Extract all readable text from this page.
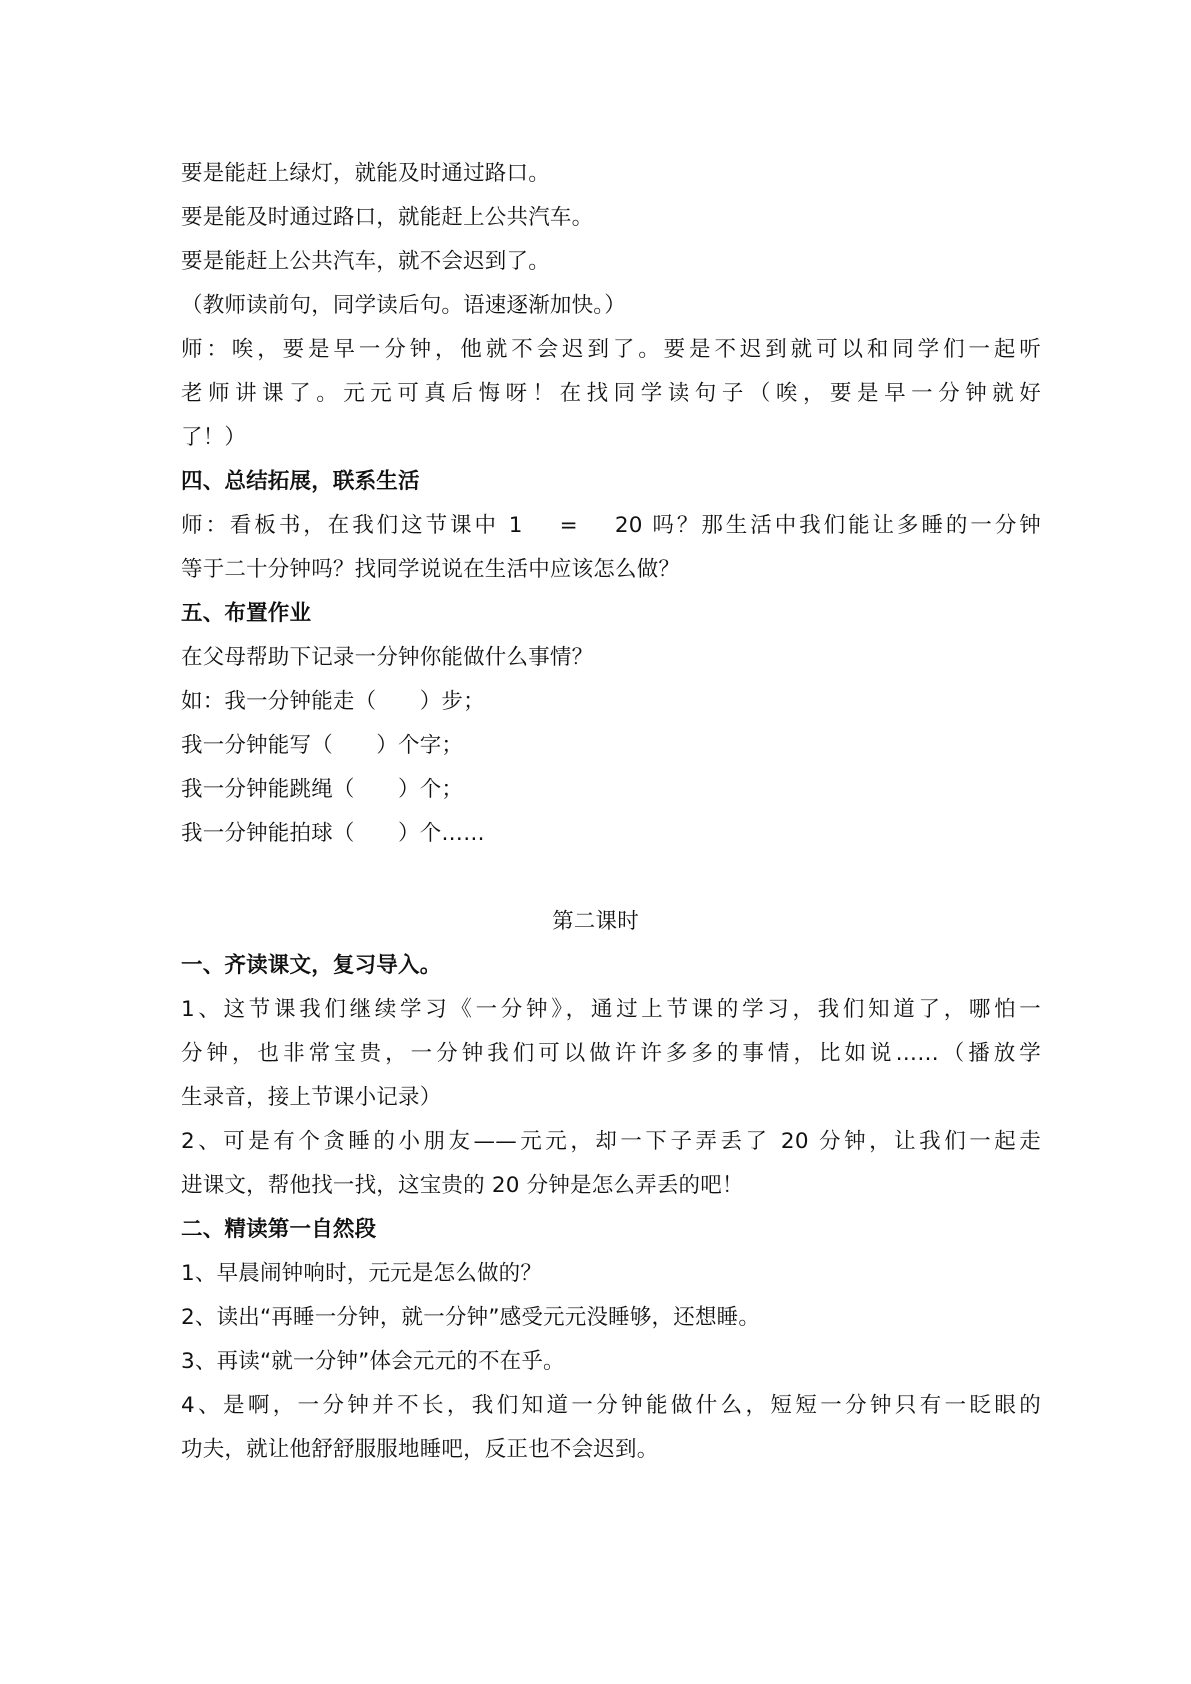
要是能赶上绿灯，就能及时通过路口。
要是能及时通过路口，就能赶上公共汽车。
要是能赶上公共汽车，就不会迟到了。
（教师读前句，同学读后句。语速逐渐加快。）
师：唉，要是早一分钟，他就不会迟到了。要是不迟到就可以和同学们一起听
老师讲课了。元元可真后悔呀！在找同学读句子（唉，要是早一分钟就好
了！）
四、总结拓展，联系生活
师：看板书，在我们这节课中 1　 =　 20 吗？那生活中我们能让多睡的一分钟
等于二十分钟吗？找同学说说在生活中应该怎么做？
五、布置作业
在父母帮助下记录一分钟你能做什么事情？
如：我一分钟能走（　　）步；
我一分钟能写（　　）个字；
我一分钟能跳绳（　　）个；
我一分钟能拍球（　　）个……
第二课时
一、齐读课文，复习导入。
1、这节课我们继续学习《一分钟》，通过上节课的学习，我们知道了，哪怕一
分钟，也非常宝贵，一分钟我们可以做许许多多的事情，比如说……（播放学
生录音，接上节课小记录）
2、可是有个贪睡的小朋友——元元，却一下子弄丢了 20 分钟，让我们一起走
进课文，帮他找一找，这宝贵的 20 分钟是怎么弄丢的吧！
二、精读第一自然段
1、早晨闹钟响时，元元是怎么做的？
2、读出“再睡一分钟，就一分钟”感受元元没睡够，还想睡。
3、再读“就一分钟”体会元元的不在乎。
4、是啊，一分钟并不长，我们知道一分钟能做什么，短短一分钟只有一眨眼的
功夫，就让他舒舒服服地睡吧，反正也不会迟到。
